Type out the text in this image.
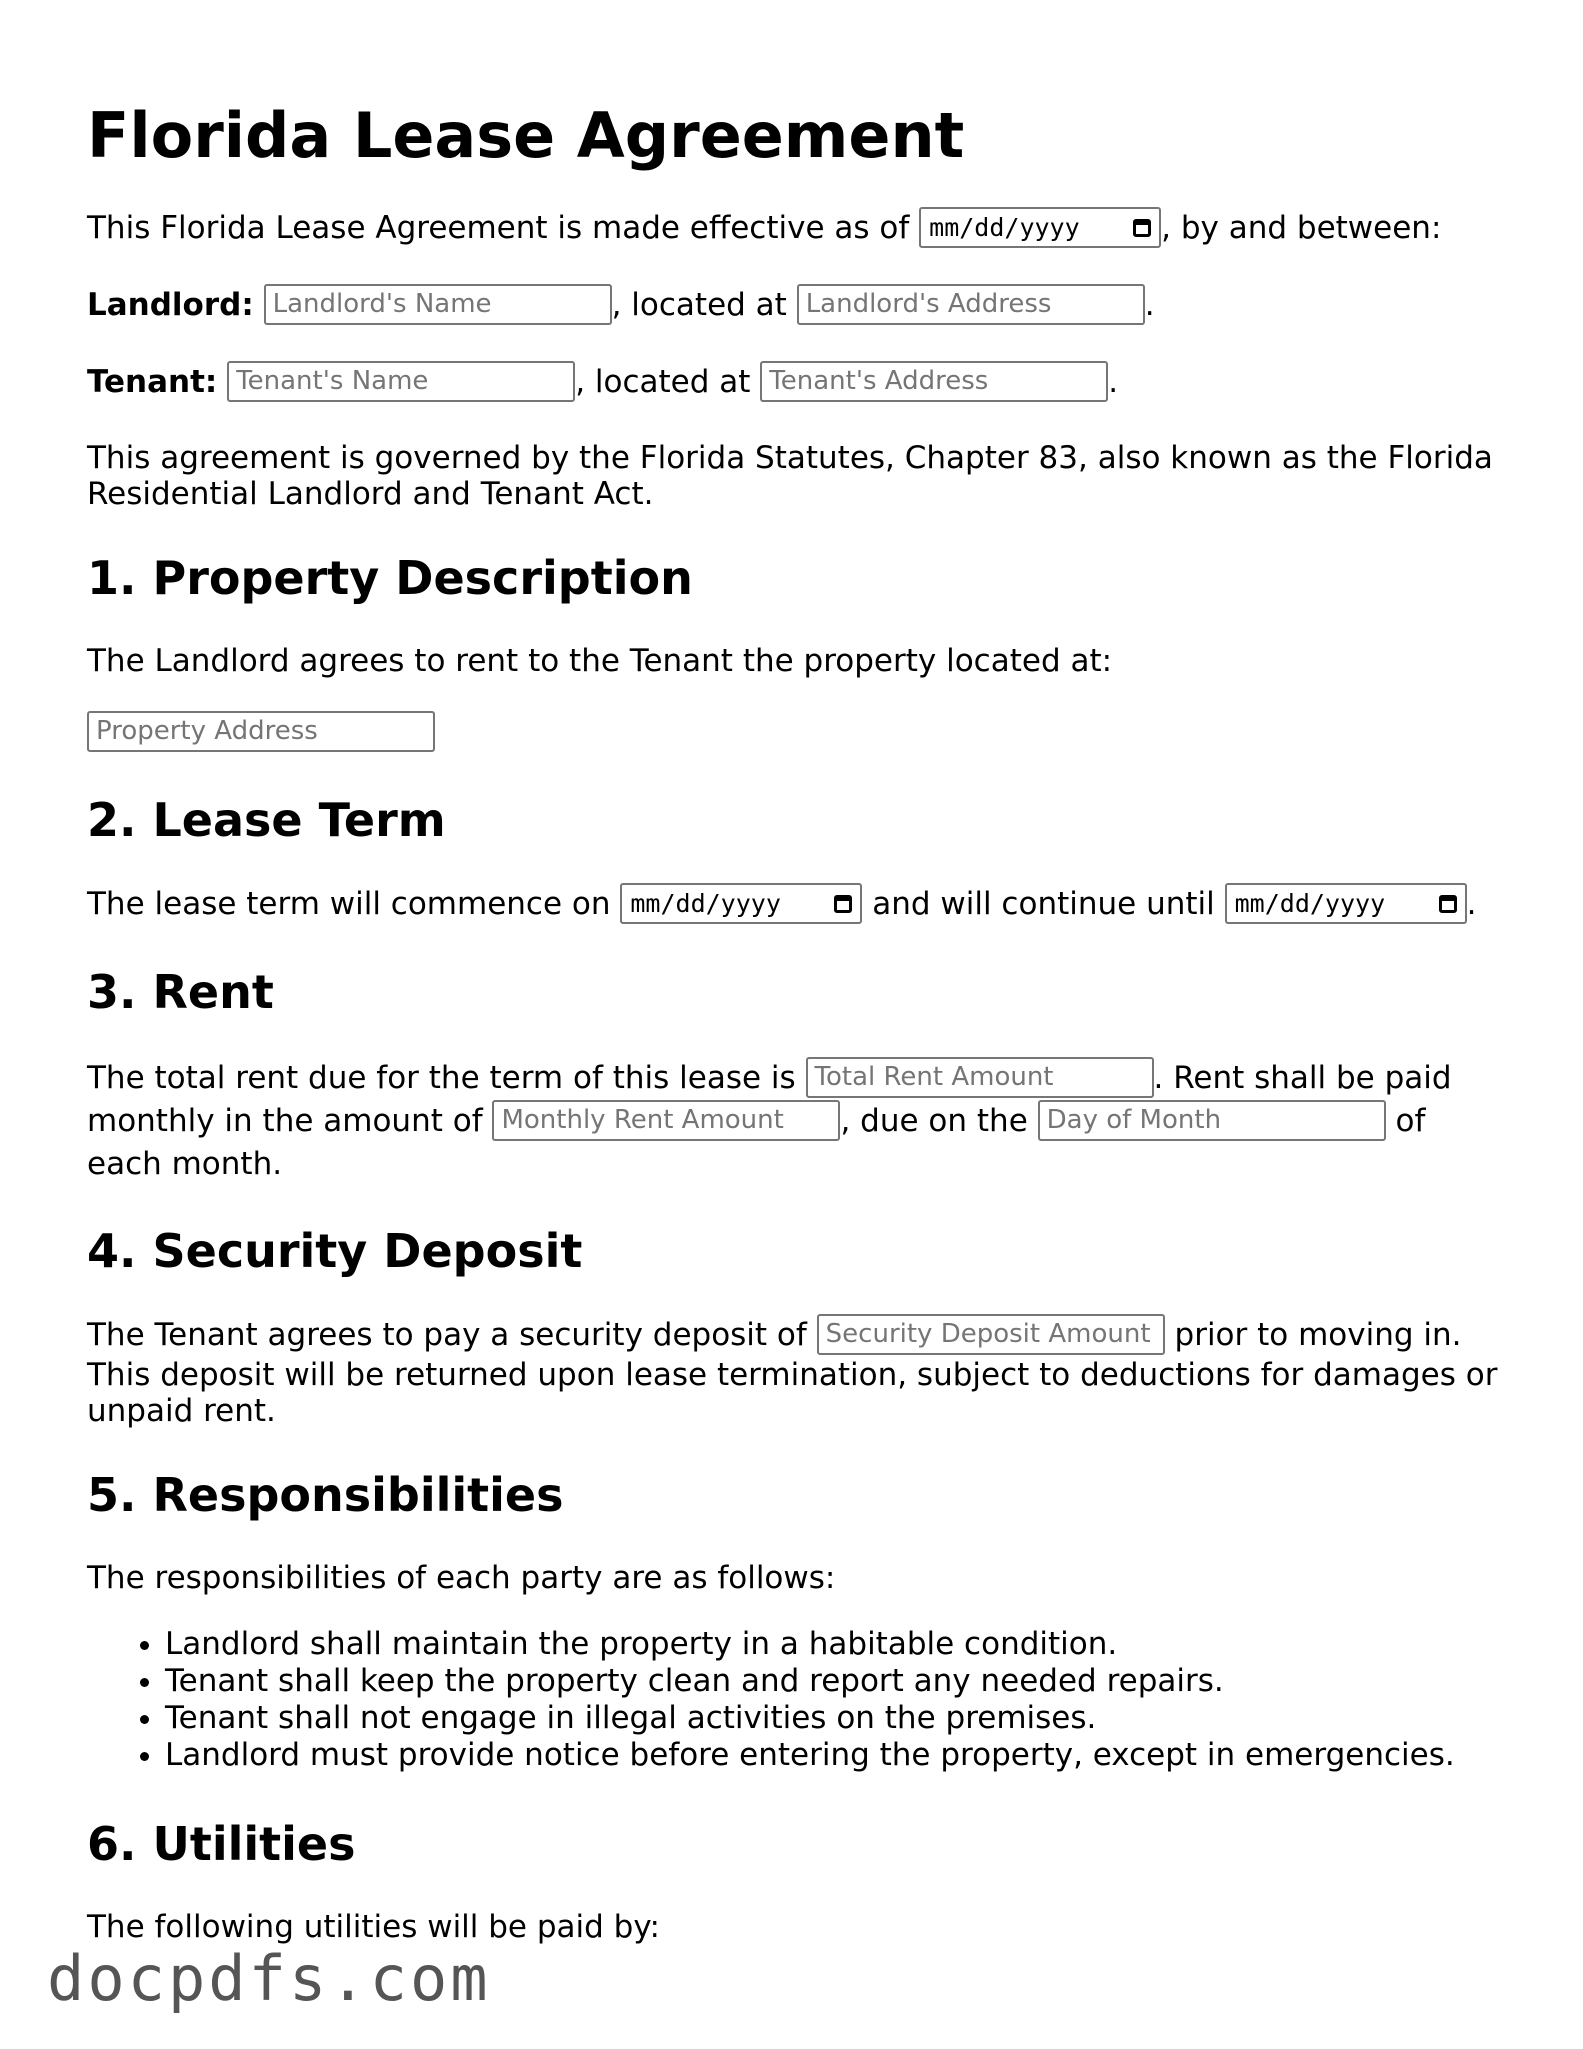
Florida Lease Agreement

This Florida Lease Agreement is made effective as of mm/dd/yyyy	, by and between:

Landlord: Landlord's Name	, located at Landlord's Address	.

Tenant: Tenant's Name	, located at Tenant's Address	.

This agreement is governed by the Florida Statutes, Chapter 83, also known as the Florida Residential Landlord and Tenant Act.

1. Property Description

The Landlord agrees to rent to the Tenant the property located at:

Property Address

2. Lease Term

The lease term will commence on mm/dd/yyyy	and will continue until mm/dd/yyyy	.

3. Rent

The total rent due for the term of this lease is Total Rent Amount	. Rent shall be paid monthly in the amount of Monthly Rent Amount , due on the Day of Month	of each month.

4. Security Deposit

The Tenant agrees to pay a security deposit of Security Deposit Amount prior to moving in. This deposit will be returned upon lease termination, subject to deductions for damages or unpaid rent.

5. Responsibilities

The responsibilities of each party are as follows:

• Landlord shall maintain the property in a habitable condition.
• Tenant shall keep the property clean and report any needed repairs.
• Tenant shall not engage in illegal activities on the premises.
• Landlord must provide notice before entering the property, except in emergencies.
6. Utilities

The following utilities will be paid by:

docpdfs.com
